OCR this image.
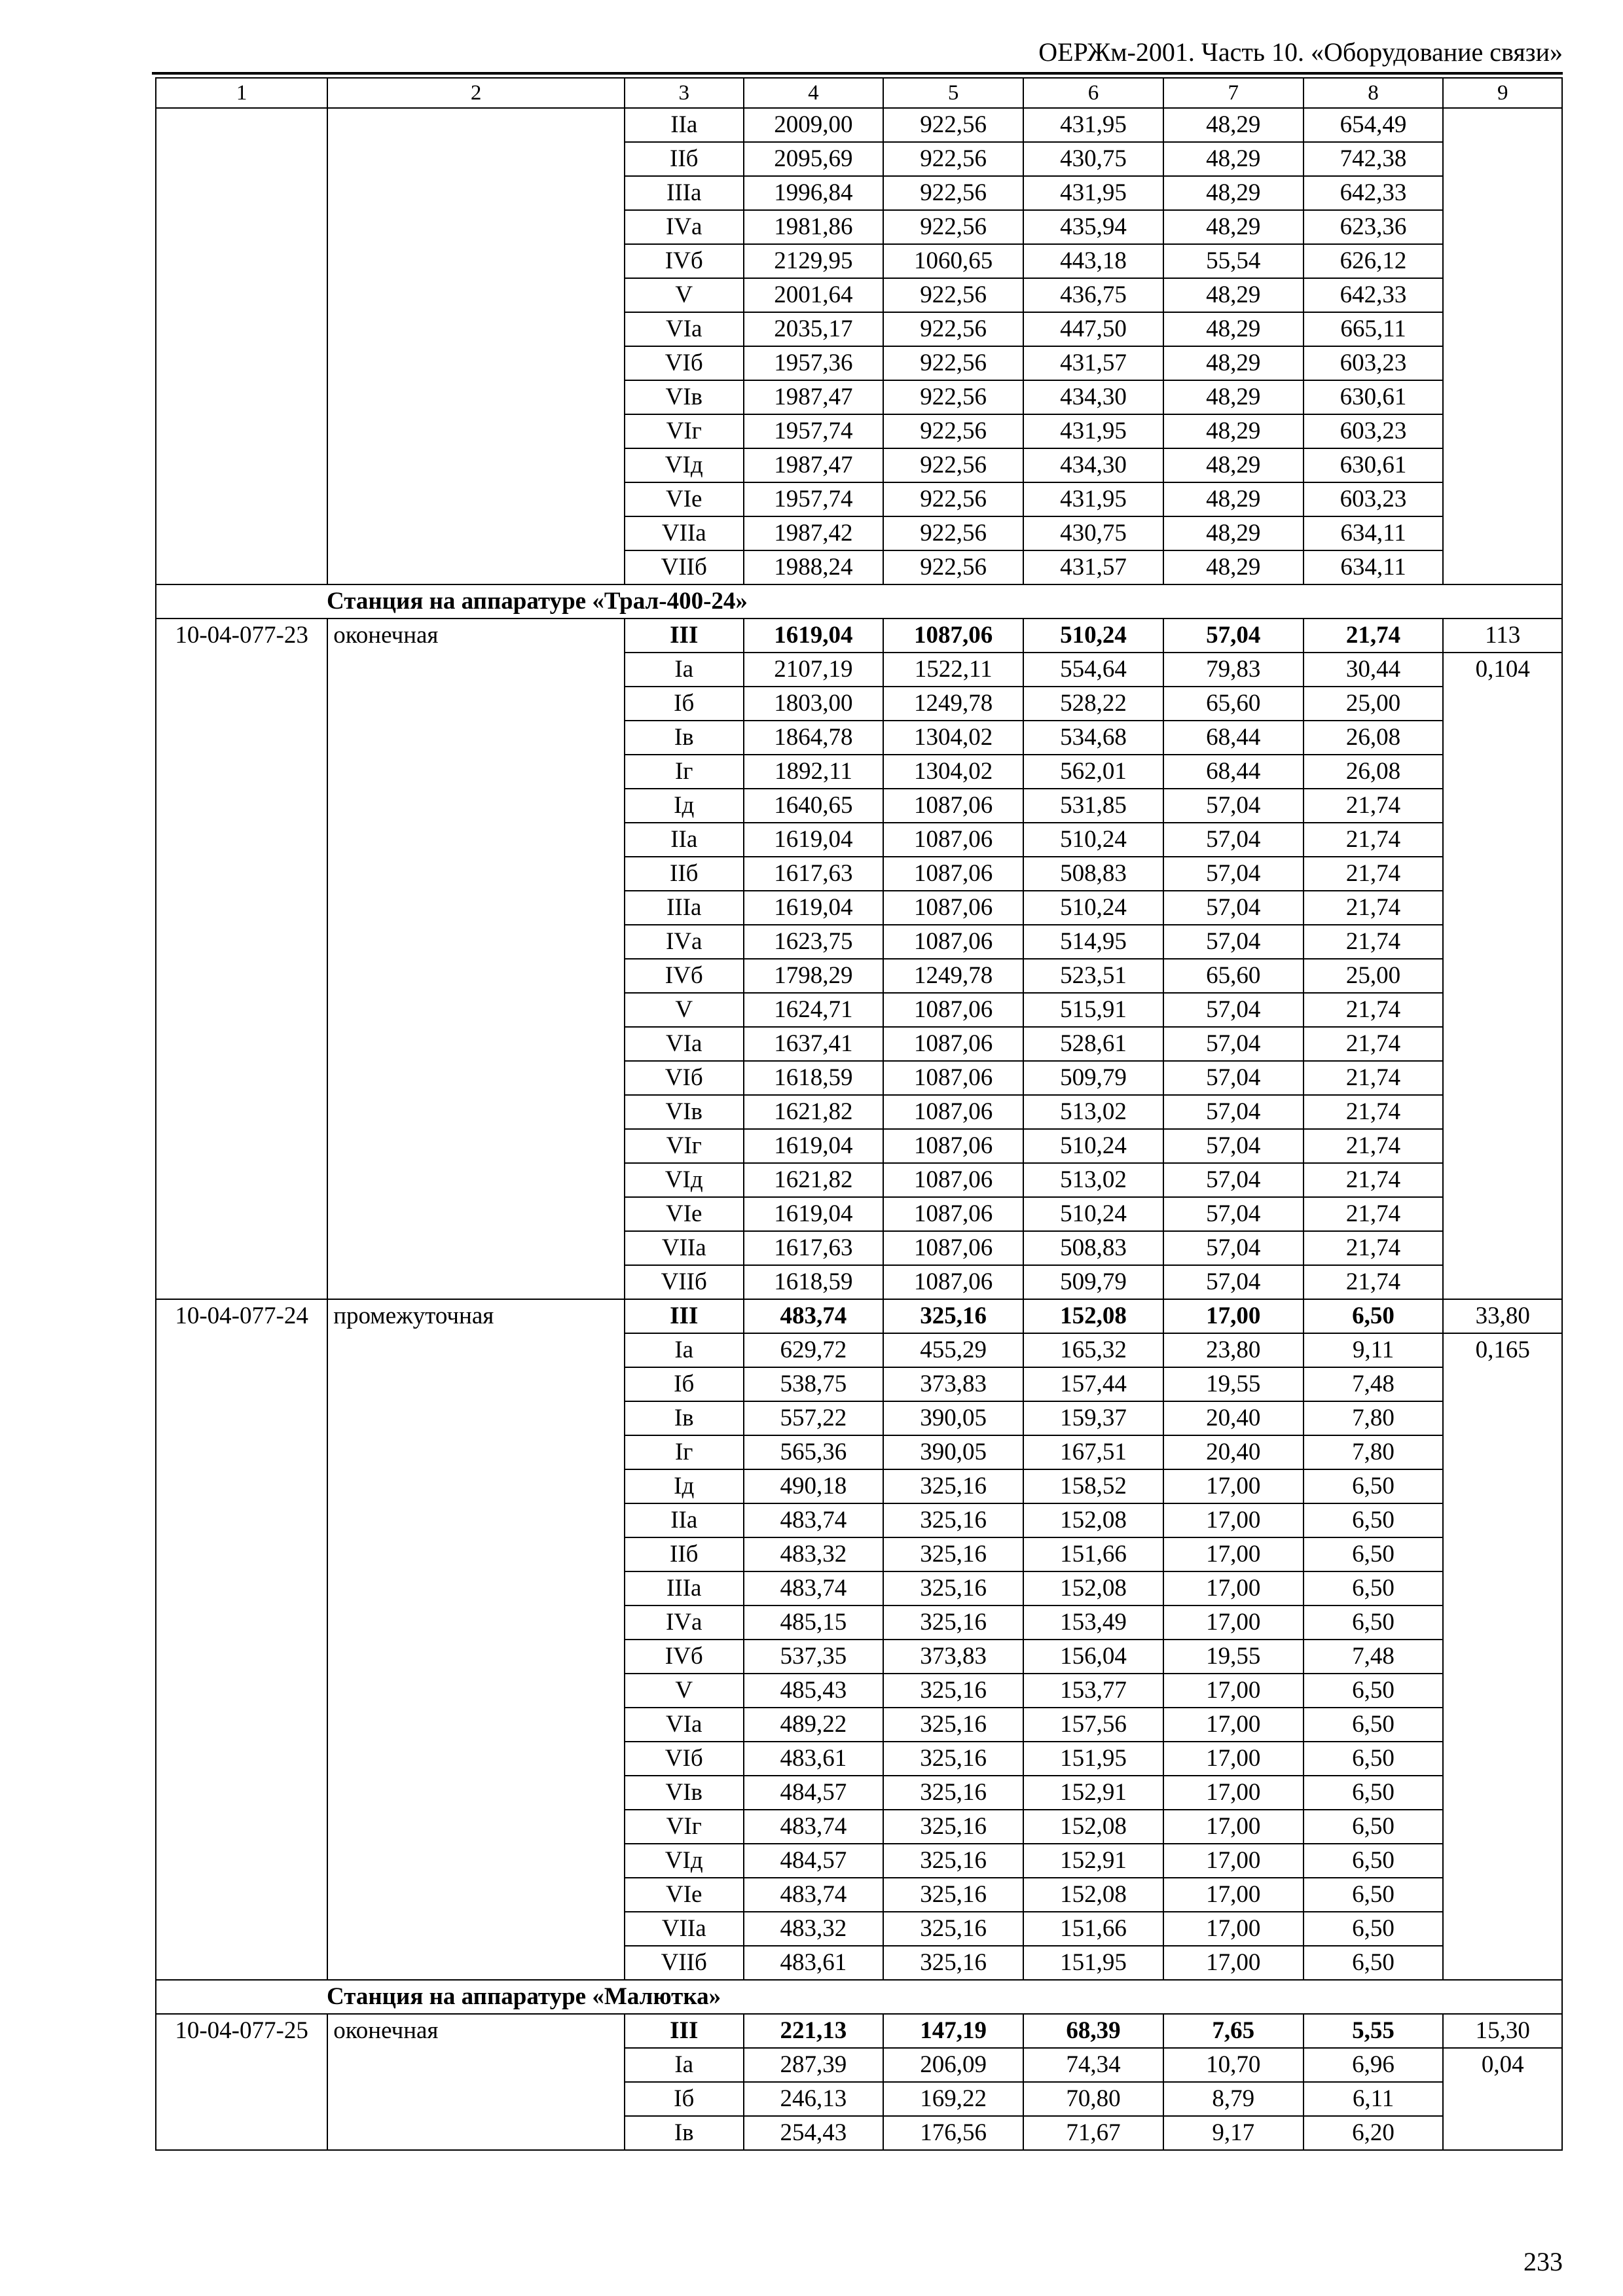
ОЕРЖм-2001. Часть 10. «Оборудование связи»
1	2	3	4	5	6	7	8	9
		IIа	2009,00	922,56	431,95	48,29	654,49	
		IIб	2095,69	922,56	430,75	48,29	742,38	
		IIIа	1996,84	922,56	431,95	48,29	642,33	
		IVа	1981,86	922,56	435,94	48,29	623,36	
		IVб	2129,95	1060,65	443,18	55,54	626,12	
		V	2001,64	922,56	436,75	48,29	642,33	
		VIа	2035,17	922,56	447,50	48,29	665,11	
		VIб	1957,36	922,56	431,57	48,29	603,23	
		VIв	1987,47	922,56	434,30	48,29	630,61	
		VIг	1957,74	922,56	431,95	48,29	603,23	
		VIд	1987,47	922,56	434,30	48,29	630,61	
		VIе	1957,74	922,56	431,95	48,29	603,23	
		VIIа	1987,42	922,56	430,75	48,29	634,11	
		VIIб	1988,24	922,56	431,57	48,29	634,11	
Станция на аппаратуре «Трал-400-24»								
10-04-077-23	оконечная	III	1619,04	1087,06	510,24	57,04	21,74	113
		Iа	2107,19	1522,11	554,64	79,83	30,44	0,104
		Iб	1803,00	1249,78	528,22	65,60	25,00	
		Iв	1864,78	1304,02	534,68	68,44	26,08	
		Iг	1892,11	1304,02	562,01	68,44	26,08	
		Iд	1640,65	1087,06	531,85	57,04	21,74	
		IIа	1619,04	1087,06	510,24	57,04	21,74	
		IIб	1617,63	1087,06	508,83	57,04	21,74	
		IIIа	1619,04	1087,06	510,24	57,04	21,74	
		IVа	1623,75	1087,06	514,95	57,04	21,74	
		IVб	1798,29	1249,78	523,51	65,60	25,00	
		V	1624,71	1087,06	515,91	57,04	21,74	
		VIа	1637,41	1087,06	528,61	57,04	21,74	
		VIб	1618,59	1087,06	509,79	57,04	21,74	
		VIв	1621,82	1087,06	513,02	57,04	21,74	
		VIг	1619,04	1087,06	510,24	57,04	21,74	
		VIд	1621,82	1087,06	513,02	57,04	21,74	
		VIе	1619,04	1087,06	510,24	57,04	21,74	
		VIIа	1617,63	1087,06	508,83	57,04	21,74	
		VIIб	1618,59	1087,06	509,79	57,04	21,74	
10-04-077-24	промежуточная	III	483,74	325,16	152,08	17,00	6,50	33,80
		Iа	629,72	455,29	165,32	23,80	9,11	0,165
		Iб	538,75	373,83	157,44	19,55	7,48	
		Iв	557,22	390,05	159,37	20,40	7,80	
		Iг	565,36	390,05	167,51	20,40	7,80	
		Iд	490,18	325,16	158,52	17,00	6,50	
		IIа	483,74	325,16	152,08	17,00	6,50	
		IIб	483,32	325,16	151,66	17,00	6,50	
		IIIа	483,74	325,16	152,08	17,00	6,50	
		IVа	485,15	325,16	153,49	17,00	6,50	
		IVб	537,35	373,83	156,04	19,55	7,48	
		V	485,43	325,16	153,77	17,00	6,50	
		VIа	489,22	325,16	157,56	17,00	6,50	
		VIб	483,61	325,16	151,95	17,00	6,50	
		VIв	484,57	325,16	152,91	17,00	6,50	
		VIг	483,74	325,16	152,08	17,00	6,50	
		VIд	484,57	325,16	152,91	17,00	6,50	
		VIе	483,74	325,16	152,08	17,00	6,50	
		VIIа	483,32	325,16	151,66	17,00	6,50	
		VIIб	483,61	325,16	151,95	17,00	6,50	
Станция на аппаратуре «Малютка»								
10-04-077-25	оконечная	III	221,13	147,19	68,39	7,65	5,55	15,30
		Iа	287,39	206,09	74,34	10,70	6,96	0,04
		Iб	246,13	169,22	70,80	8,79	6,11	
		Iв	254,43	176,56	71,67	9,17	6,20	
233
